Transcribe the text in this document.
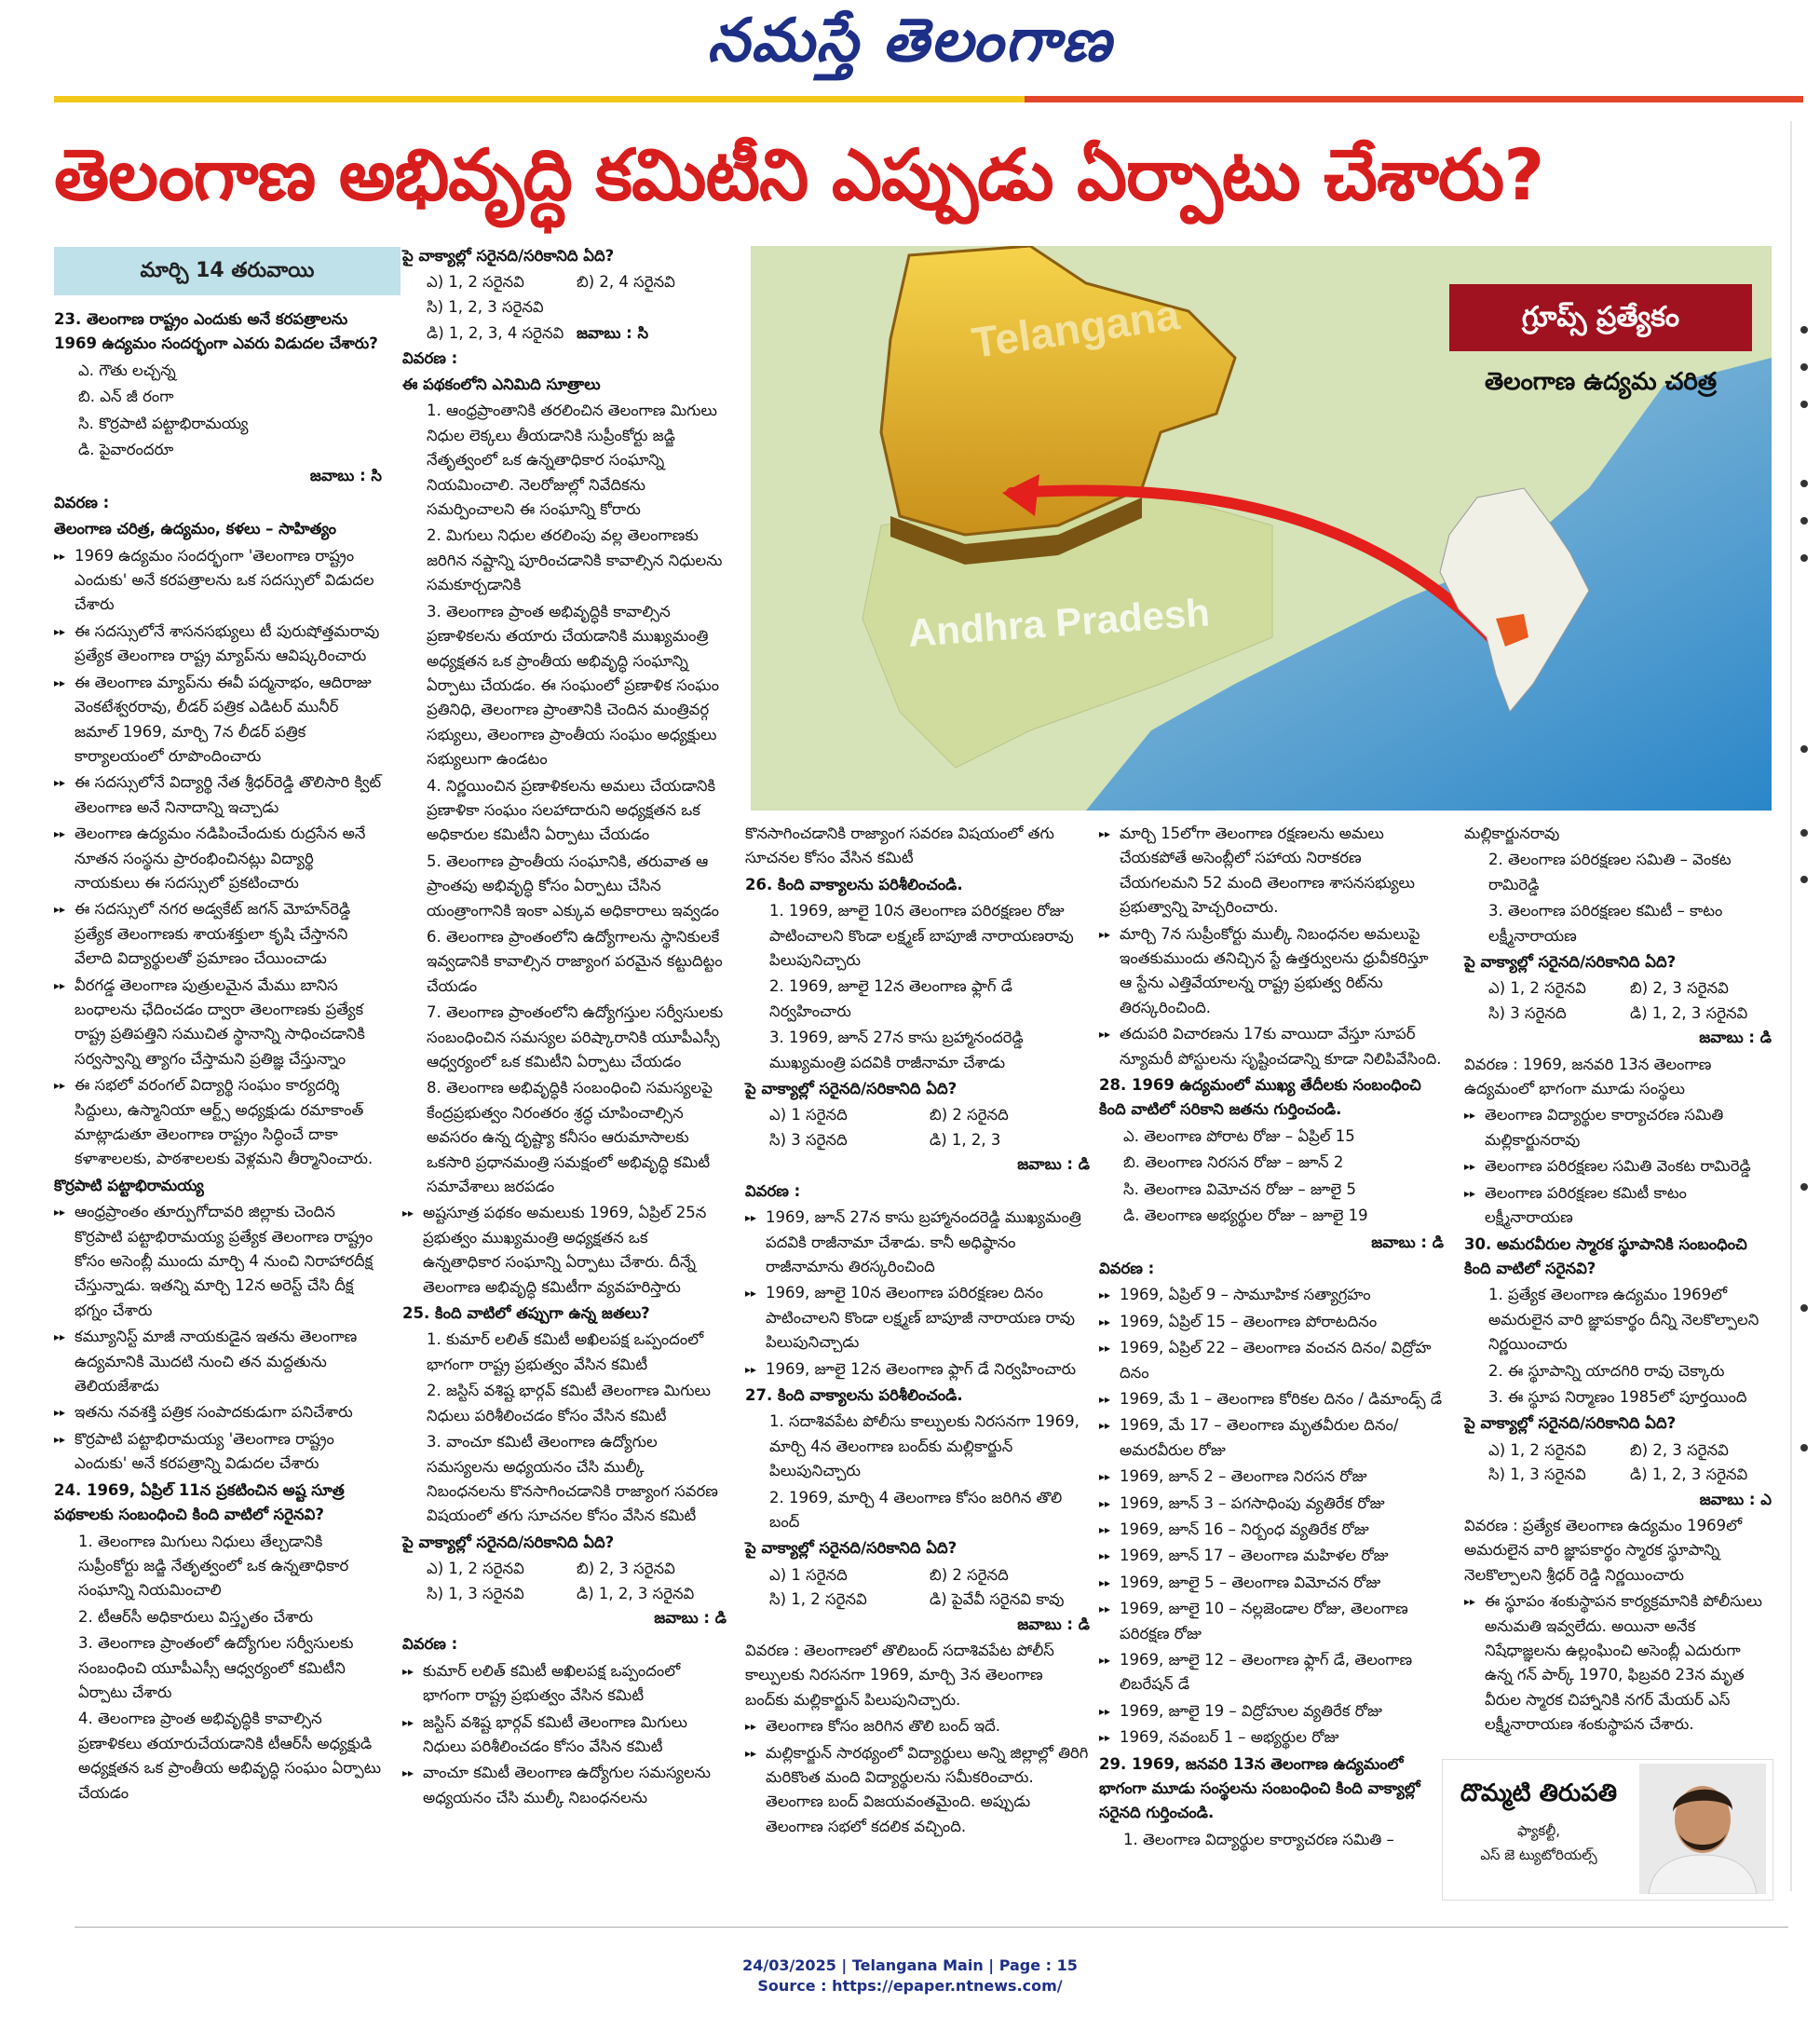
నమస్తే తెలంగాణ
తెలంగాణ అభివృద్ధి కమిటీని ఎప్పుడు ఏర్పాటు చేశారు?
మార్చి 14 తరువాయి

23. తెలంగాణ రాష్ట్రం ఎందుకు అనే కరపత్రాలను 1969 ఉద్యమం సందర్భంగా ఎవరు విడుదల చేశారు?

ఎ. గౌతు లచ్చన్న

బి. ఎన్ జీ రంగా

సి. కొర్రపాటి పట్టాభిరామయ్య

డి. పైవారందరూ

జవాబు : సి

వివరణ :

తెలంగాణ చరిత్ర, ఉద్యమం, కళలు – సాహిత్యం

▸▸ 1969 ఉద్యమం సందర్భంగా 'తెలంగాణ రాష్ట్రం ఎందుకు' అనే కరపత్రాలను ఒక సదస్సులో విడుదల చేశారు

▸▸ ఈ సదస్సులోనే శాసనసభ్యులు టీ పురుషోత్తమరావు ప్రత్యేక తెలంగాణ రాష్ట్ర మ్యాప్‌ను ఆవిష్కరించారు

▸▸ ఈ తెలంగాణ మ్యాప్‌ను ఈవీ పద్మనాభం, ఆదిరాజు వెంకటేశ్వరరావు, లీడర్ పత్రిక ఎడిటర్ మునీర్ జమాల్ 1969, మార్చి 7న లీడర్ పత్రిక కార్యాలయంలో రూపొందించారు

▸▸ ఈ సదస్సులోనే విద్యార్థి నేత శ్రీధర్‌రెడ్డి తొలిసారి క్విట్ తెలంగాణ అనే నినాదాన్ని ఇచ్చాడు

▸▸ తెలంగాణ ఉద్యమం నడిపించేందుకు రుద్రసేన అనే నూతన సంస్థను ప్రారంభించినట్లు విద్యార్థి నాయకులు ఈ సదస్సులో ప్రకటించారు

▸▸ ఈ సదస్సులో నగర అడ్వకేట్ జగన్ మోహన్‌రెడ్డి ప్రత్యేక తెలంగాణకు శాయశక్తులా కృషి చేస్తానని వేలాది విద్యార్థులతో ప్రమాణం చేయించాడు

▸▸ వీరగడ్డ తెలంగాణ పుత్రులమైన మేము బానిస బంధాలను ఛేదించడం ద్వారా తెలంగాణకు ప్రత్యేక రాష్ట్ర ప్రతిపత్తిని సముచిత స్థానాన్ని సాధించడానికి సర్వస్వాన్ని త్యాగం చేస్తామని ప్రతిజ్ఞ చేస్తున్నాం

▸▸ ఈ సభలో వరంగల్ విద్యార్థి సంఘం కార్యదర్శి సిద్దులు, ఉస్మానియా ఆర్ట్స్ అధ్యక్షుడు రమాకాంత్ మాట్లాడుతూ తెలంగాణ రాష్ట్రం సిద్ధించే దాకా కళాశాలలకు, పాఠశాలలకు వెళ్లమని తీర్మానించారు.

కొర్రపాటి పట్టాభిరామయ్య

▸▸ ఆంధ్రప్రాంతం తూర్పుగోదావరి జిల్లాకు చెందిన కొర్రపాటి పట్టాభిరామయ్య ప్రత్యేక తెలంగాణ రాష్ట్రం కోసం అసెంబ్లీ ముందు మార్చి 4 నుంచి నిరాహారదీక్ష చేస్తున్నాడు. ఇతన్ని మార్చి 12న అరెస్ట్ చేసి దీక్ష భగ్నం చేశారు

▸▸ కమ్యూనిస్ట్ మాజీ నాయకుడైన ఇతను తెలంగాణ ఉద్యమానికి మొదటి నుంచి తన మద్దతును తెలియజేశాడు

▸▸ ఇతను నవశక్తి పత్రిక సంపాదకుడుగా పనిచేశారు

▸▸ కొర్రపాటి పట్టాభిరామయ్య 'తెలంగాణ రాష్ట్రం ఎందుకు' అనే కరపత్రాన్ని విడుదల చేశారు

24. 1969, ఏప్రిల్ 11న ప్రకటించిన అష్ట సూత్ర పథకాలకు సంబంధించి కింది వాటిలో సరైనవి?

1. తెలంగాణ మిగులు నిధులు తేల్చడానికి సుప్రీంకోర్టు జడ్జి నేతృత్వంలో ఒక ఉన్నతాధికార సంఘాన్ని నియమించాలి

2. టీఆర్‌సీ అధికారులు విస్తృతం చేశారు

3. తెలంగాణ ప్రాంతంలో ఉద్యోగుల సర్వీసులకు సంబంధించి యూపీఎస్సీ ఆధ్వర్యంలో కమిటీని ఏర్పాటు చేశారు

4. తెలంగాణ ప్రాంత అభివృద్ధికి కావాల్సిన ప్రణాళికలు తయారుచేయడానికి టీఆర్‌సీ అధ్యక్షుడి అధ్యక్షతన ఒక ప్రాంతీయ అభివృద్ధి సంఘం ఏర్పాటు చేయడం

పై వాక్యాల్లో సరైనది/సరికానిది ఏది?

ఎ) 1, 2 సరైనవి	బి) 2, 4 సరైనవి

సి) 1, 2, 3 సరైనవి

డి) 1, 2, 3, 4 సరైనవి జవాబు : సి

వివరణ :

ఈ పథకంలోని ఎనిమిది సూత్రాలు

1. ఆంధ్రప్రాంతానికి తరలించిన తెలంగాణ మిగులు నిధుల లెక్కలు తీయడానికి సుప్రీంకోర్టు జడ్జి నేతృత్వంలో ఒక ఉన్నతాధికార సంఘాన్ని నియమించాలి. నెలరోజుల్లో నివేదికను సమర్పించాలని ఈ సంఘాన్ని కోరారు

2. మిగులు నిధుల తరలింపు వల్ల తెలంగాణకు జరిగిన నష్టాన్ని పూరించడానికి కావాల్సిన నిధులను సమకూర్చడానికి

3. తెలంగాణ ప్రాంత అభివృద్ధికి కావాల్సిన ప్రణాళికలను తయారు చేయడానికి ముఖ్యమంత్రి అధ్యక్షతన ఒక ప్రాంతీయ అభివృద్ధి సంఘాన్ని ఏర్పాటు చేయడం. ఈ సంఘంలో ప్రణాళిక సంఘం ప్రతినిధి, తెలంగాణ ప్రాంతానికి చెందిన మంత్రివర్గ సభ్యులు, తెలంగాణ ప్రాంతీయ సంఘం అధ్యక్షులు సభ్యులుగా ఉండటం

4. నిర్ణయించిన ప్రణాళికలను అమలు చేయడానికి ప్రణాళికా సంఘం సలహాదారుని అధ్యక్షతన ఒక అధికారుల కమిటీని ఏర్పాటు చేయడం

5. తెలంగాణ ప్రాంతీయ సంఘానికి, తరువాత ఆ ప్రాంతపు అభివృద్ధి కోసం ఏర్పాటు చేసిన యంత్రాంగానికి ఇంకా ఎక్కువ అధికారాలు ఇవ్వడం

6. తెలంగాణ ప్రాంతంలోని ఉద్యోగాలను స్థానికులకే ఇవ్వడానికి కావాల్సిన రాజ్యాంగ పరమైన కట్టుదిట్టం చేయడం

7. తెలంగాణ ప్రాంతంలోని ఉద్యోగస్తుల సర్వీసులకు సంబంధించిన సమస్యల పరిష్కారానికి యూపీఎస్సీ ఆధ్వర్యంలో ఒక కమిటీని ఏర్పాటు చేయడం

8. తెలంగాణ అభివృద్ధికి సంబంధించి సమస్యలపై కేంద్రప్రభుత్వం నిరంతరం శ్రద్ధ చూపించాల్సిన అవసరం ఉన్న దృష్ట్యా కనీసం ఆరుమాసాలకు ఒకసారి ప్రధానమంత్రి సమక్షంలో అభివృద్ధి కమిటీ సమావేశాలు జరపడం

▸▸ అష్టసూత్ర పథకం అమలుకు 1969, ఏప్రిల్ 25న ప్రభుత్వం ముఖ్యమంత్రి అధ్యక్షతన ఒక ఉన్నతాధికార సంఘాన్ని ఏర్పాటు చేశారు. దీన్నే తెలంగాణ అభివృద్ధి కమిటీగా వ్యవహరిస్తారు

25. కింది వాటిలో తప్పుగా ఉన్న జతలు?

1. కుమార్ లలిత్ కమిటీ అఖిలపక్ష ఒప్పందంలో భాగంగా రాష్ట్ర ప్రభుత్వం వేసిన కమిటీ

2. జస్టిస్ వశిష్ట భార్గవ్ కమిటీ తెలంగాణ మిగులు నిధులు పరిశీలించడం కోసం వేసిన కమిటీ

3. వాంచూ కమిటీ తెలంగాణ ఉద్యోగుల సమస్యలను అధ్యయనం చేసి ముల్కీ నిబంధనలను కొనసాగించడానికి రాజ్యాంగ సవరణ విషయంలో తగు సూచనల కోసం వేసిన కమిటీ

పై వాక్యాల్లో సరైనది/సరికానిది ఏది?

ఎ) 1, 2 సరైనవి	బి) 2, 3 సరైనవి
సి) 1, 3 సరైనవి	డి) 1, 2, 3 సరైనవి

జవాబు : డి

వివరణ :

▸▸ కుమార్ లలిత్ కమిటీ అఖిలపక్ష ఒప్పందంలో భాగంగా రాష్ట్ర ప్రభుత్వం వేసిన కమిటీ

▸▸ జస్టిస్ వశిష్ట భార్గవ్ కమిటీ తెలంగాణ మిగులు నిధులు పరిశీలించడం కోసం వేసిన కమిటీ

▸▸ వాంచూ కమిటీ తెలంగాణ ఉద్యోగుల సమస్యలను అధ్యయనం చేసి ముల్కీ నిబంధనలను

కొనసాగించడానికి రాజ్యాంగ సవరణ విషయంలో తగు సూచనల కోసం వేసిన కమిటీ

26. కింది వాక్యాలను పరిశీలించండి.

1. 1969, జూలై 10న తెలంగాణ పరిరక్షణల రోజు పాటించాలని కొండా లక్ష్మణ్ బాపూజీ నారాయణరావు పిలుపునిచ్చారు

2. 1969, జూలై 12న తెలంగాణ ఫ్లాగ్ డే నిర్వహించారు

3. 1969, జూన్ 27న కాసు బ్రహ్మానందరెడ్డి ముఖ్యమంత్రి పదవికి రాజీనామా చేశాడు

పై వాక్యాల్లో సరైనది/సరికానిది ఏది?

ఎ) 1 సరైనది	బి) 2 సరైనది
సి) 3 సరైనది	డి) 1, 2, 3

జవాబు : డి

వివరణ :

▸▸ 1969, జూన్ 27న కాసు బ్రహ్మానందరెడ్డి ముఖ్యమంత్రి పదవికి రాజీనామా చేశాడు. కానీ అధిష్ఠానం రాజీనామాను తిరస్కరించింది

▸▸ 1969, జూలై 10న తెలంగాణ పరిరక్షణల దినం పాటించాలని కొండా లక్ష్మణ్ బాపూజీ నారాయణ రావు పిలుపునిచ్చాడు

▸▸ 1969, జూలై 12న తెలంగాణ ఫ్లాగ్ డే నిర్వహించారు

27. కింది వాక్యాలను పరిశీలించండి.

1. సదాశివపేట పోలీసు కాల్పులకు నిరసనగా 1969, మార్చి 4న తెలంగాణ బంద్‌కు మల్లికార్జున్ పిలుపునిచ్చారు

2. 1969, మార్చి 4 తెలంగాణ కోసం జరిగిన తొలి బంద్

పై వాక్యాల్లో సరైనది/సరికానిది ఏది?

ఎ) 1 సరైనది	బి) 2 సరైనది
సి) 1, 2 సరైనవి	డి) పైవేవీ సరైనవి కావు

జవాబు : డి

వివరణ : తెలంగాణలో తొలిబంద్ సదాశివపేట పోలీస్ కాల్పులకు నిరసనగా 1969, మార్చి 3న తెలంగాణ బంద్‌కు మల్లికార్జున్ పిలుపునిచ్చారు.

▸▸ తెలంగాణ కోసం జరిగిన తొలి బంద్ ఇదే.

▸▸ మల్లికార్జున్ సారథ్యంలో విద్యార్థులు అన్ని జిల్లాల్లో తిరిగి మరికొంత మంది విద్యార్థులను సమీకరించారు. తెలంగాణ బంద్ విజయవంతమైంది. అప్పుడు తెలంగాణ సభలో కదలిక వచ్చింది.

▸▸ మార్చి 15లోగా తెలంగాణ రక్షణలను అమలు చేయకపోతే అసెంబ్లీలో సహాయ నిరాకరణ చేయగలమని 52 మంది తెలంగాణ శాసనసభ్యులు ప్రభుత్వాన్ని హెచ్చరించారు.

▸▸ మార్చి 7న సుప్రీంకోర్టు ముల్కీ నిబంధనల అమలుపై ఇంతకుముందు తనిచ్చిన స్టే ఉత్తర్వులను ధ్రువీకరిస్తూ ఆ స్టేను ఎత్తివేయాలన్న రాష్ట్ర ప్రభుత్వ రిట్‌ను తిరస్కరించింది.

▸▸ తదుపరి విచారణను 17కు వాయిదా వేస్తూ సూపర్ న్యూమరీ పోస్టులను సృష్టించడాన్ని కూడా నిలిపివేసింది.

28. 1969 ఉద్యమంలో ముఖ్య తేదీలకు సంబంధించి కింది వాటిలో సరికాని జతను గుర్తించండి.

ఎ. తెలంగాణ పోరాట రోజు – ఏప్రిల్ 15

బి. తెలంగాణ నిరసన రోజు – జూన్ 2

సి. తెలంగాణ విమోచన రోజు – జూలై 5

డి. తెలంగాణ అభ్యర్థుల రోజు – జూలై 19

జవాబు : డి

వివరణ :

▸▸ 1969, ఏప్రిల్ 9 – సామూహిక సత్యాగ్రహం

▸▸ 1969, ఏప్రిల్ 15 – తెలంగాణ పోరాటదినం

▸▸ 1969, ఏప్రిల్ 22 – తెలంగాణ వంచన దినం/ విద్రోహ దినం

▸▸ 1969, మే 1 – తెలంగాణ కోరికల దినం / డిమాండ్స్ డే

▸▸ 1969, మే 17 – తెలంగాణ మృతవీరుల దినం/ అమరవీరుల రోజు

▸▸ 1969, జూన్ 2 – తెలంగాణ నిరసన రోజు

▸▸ 1969, జూన్ 3 – పగసాధింపు వ్యతిరేక రోజు

▸▸ 1969, జూన్ 16 – నిర్బంధ వ్యతిరేక రోజు

▸▸ 1969, జూన్ 17 – తెలంగాణ మహిళల రోజు

▸▸ 1969, జూలై 5 – తెలంగాణ విమోచన రోజు

▸▸ 1969, జూలై 10 – నల్లజెండాల రోజు, తెలంగాణ పరిరక్షణ రోజు

▸▸ 1969, జూలై 12 – తెలంగాణ ఫ్లాగ్ డే, తెలంగాణ లిబరేషన్ డే

▸▸ 1969, జూలై 19 – విద్రోహుల వ్యతిరేక రోజు

▸▸ 1969, నవంబర్ 1 – అభ్యర్థుల రోజు

29. 1969, జనవరి 13న తెలంగాణ ఉద్యమంలో భాగంగా మూడు సంస్థలను సంబంధించి కింది వాక్యాల్లో సరైనది గుర్తించండి.

1. తెలంగాణ విద్యార్థుల కార్యాచరణ సమితి –

మల్లికార్జునరావు

2. తెలంగాణ పరిరక్షణల సమితి – వెంకట రామిరెడ్డి

3. తెలంగాణ పరిరక్షణల కమిటీ – కాటం లక్ష్మీనారాయణ

పై వాక్యాల్లో సరైనది/సరికానిది ఏది?

ఎ) 1, 2 సరైనవి	బి) 2, 3 సరైనవి
సి) 3 సరైనది	డి) 1, 2, 3 సరైనవి

జవాబు : డి

వివరణ : 1969, జనవరి 13న తెలంగాణ ఉద్యమంలో భాగంగా మూడు సంస్థలు

▸▸ తెలంగాణ విద్యార్థుల కార్యాచరణ సమితి మల్లికార్జునరావు

▸▸ తెలంగాణ పరిరక్షణల సమితి వెంకట రామిరెడ్డి

▸▸ తెలంగాణ పరిరక్షణల కమిటీ కాటం లక్ష్మీనారాయణ

30. అమరవీరుల స్మారక స్థూపానికి సంబంధించి కింది వాటిలో సరైనవి?

1. ప్రత్యేక తెలంగాణ ఉద్యమం 1969లో అమరులైన వారి జ్ఞాపకార్థం దీన్ని నెలకొల్పాలని నిర్ణయించారు

2. ఈ స్థూపాన్ని యాదగిరి రావు చెక్కారు

3. ఈ స్థూప నిర్మాణం 1985లో పూర్తయింది

పై వాక్యాల్లో సరైనది/సరికానిది ఏది?

ఎ) 1, 2 సరైనవి	బి) 2, 3 సరైనవి
సి) 1, 3 సరైనవి	డి) 1, 2, 3 సరైనవి

జవాబు : ఎ

వివరణ : ప్రత్యేక తెలంగాణ ఉద్యమం 1969లో అమరులైన వారి జ్ఞాపకార్థం స్మారక స్థూపాన్ని నెలకొల్పాలని శ్రీధర్ రెడ్డి నిర్ణయించారు

▸▸ ఈ స్థూపం శంకుస్థాపన కార్యక్రమానికి పోలీసులు అనుమతి ఇవ్వలేదు. అయినా అనేక నిషేధాజ్ఞలను ఉల్లంఘించి అసెంబ్లీ ఎదురుగా ఉన్న గన్ పార్క్ 1970, ఫిబ్రవరి 23న మృత వీరుల స్మారక చిహ్నానికి నగర్ మేయర్ ఎస్ లక్ష్మీనారాయణ శంకుస్థాపన చేశారు.

Telangana
Andhra Pradesh
గ్రూప్స్ ప్రత్యేకం
తెలంగాణ ఉద్యమ చరిత్ర
దొమ్మటి తిరుపతి
ఫ్యాకల్టీ,
ఎస్ జె ట్యుటోరియల్స్
24/03/2025 | Telangana Main | Page : 15
Source : https://epaper.ntnews.com/
